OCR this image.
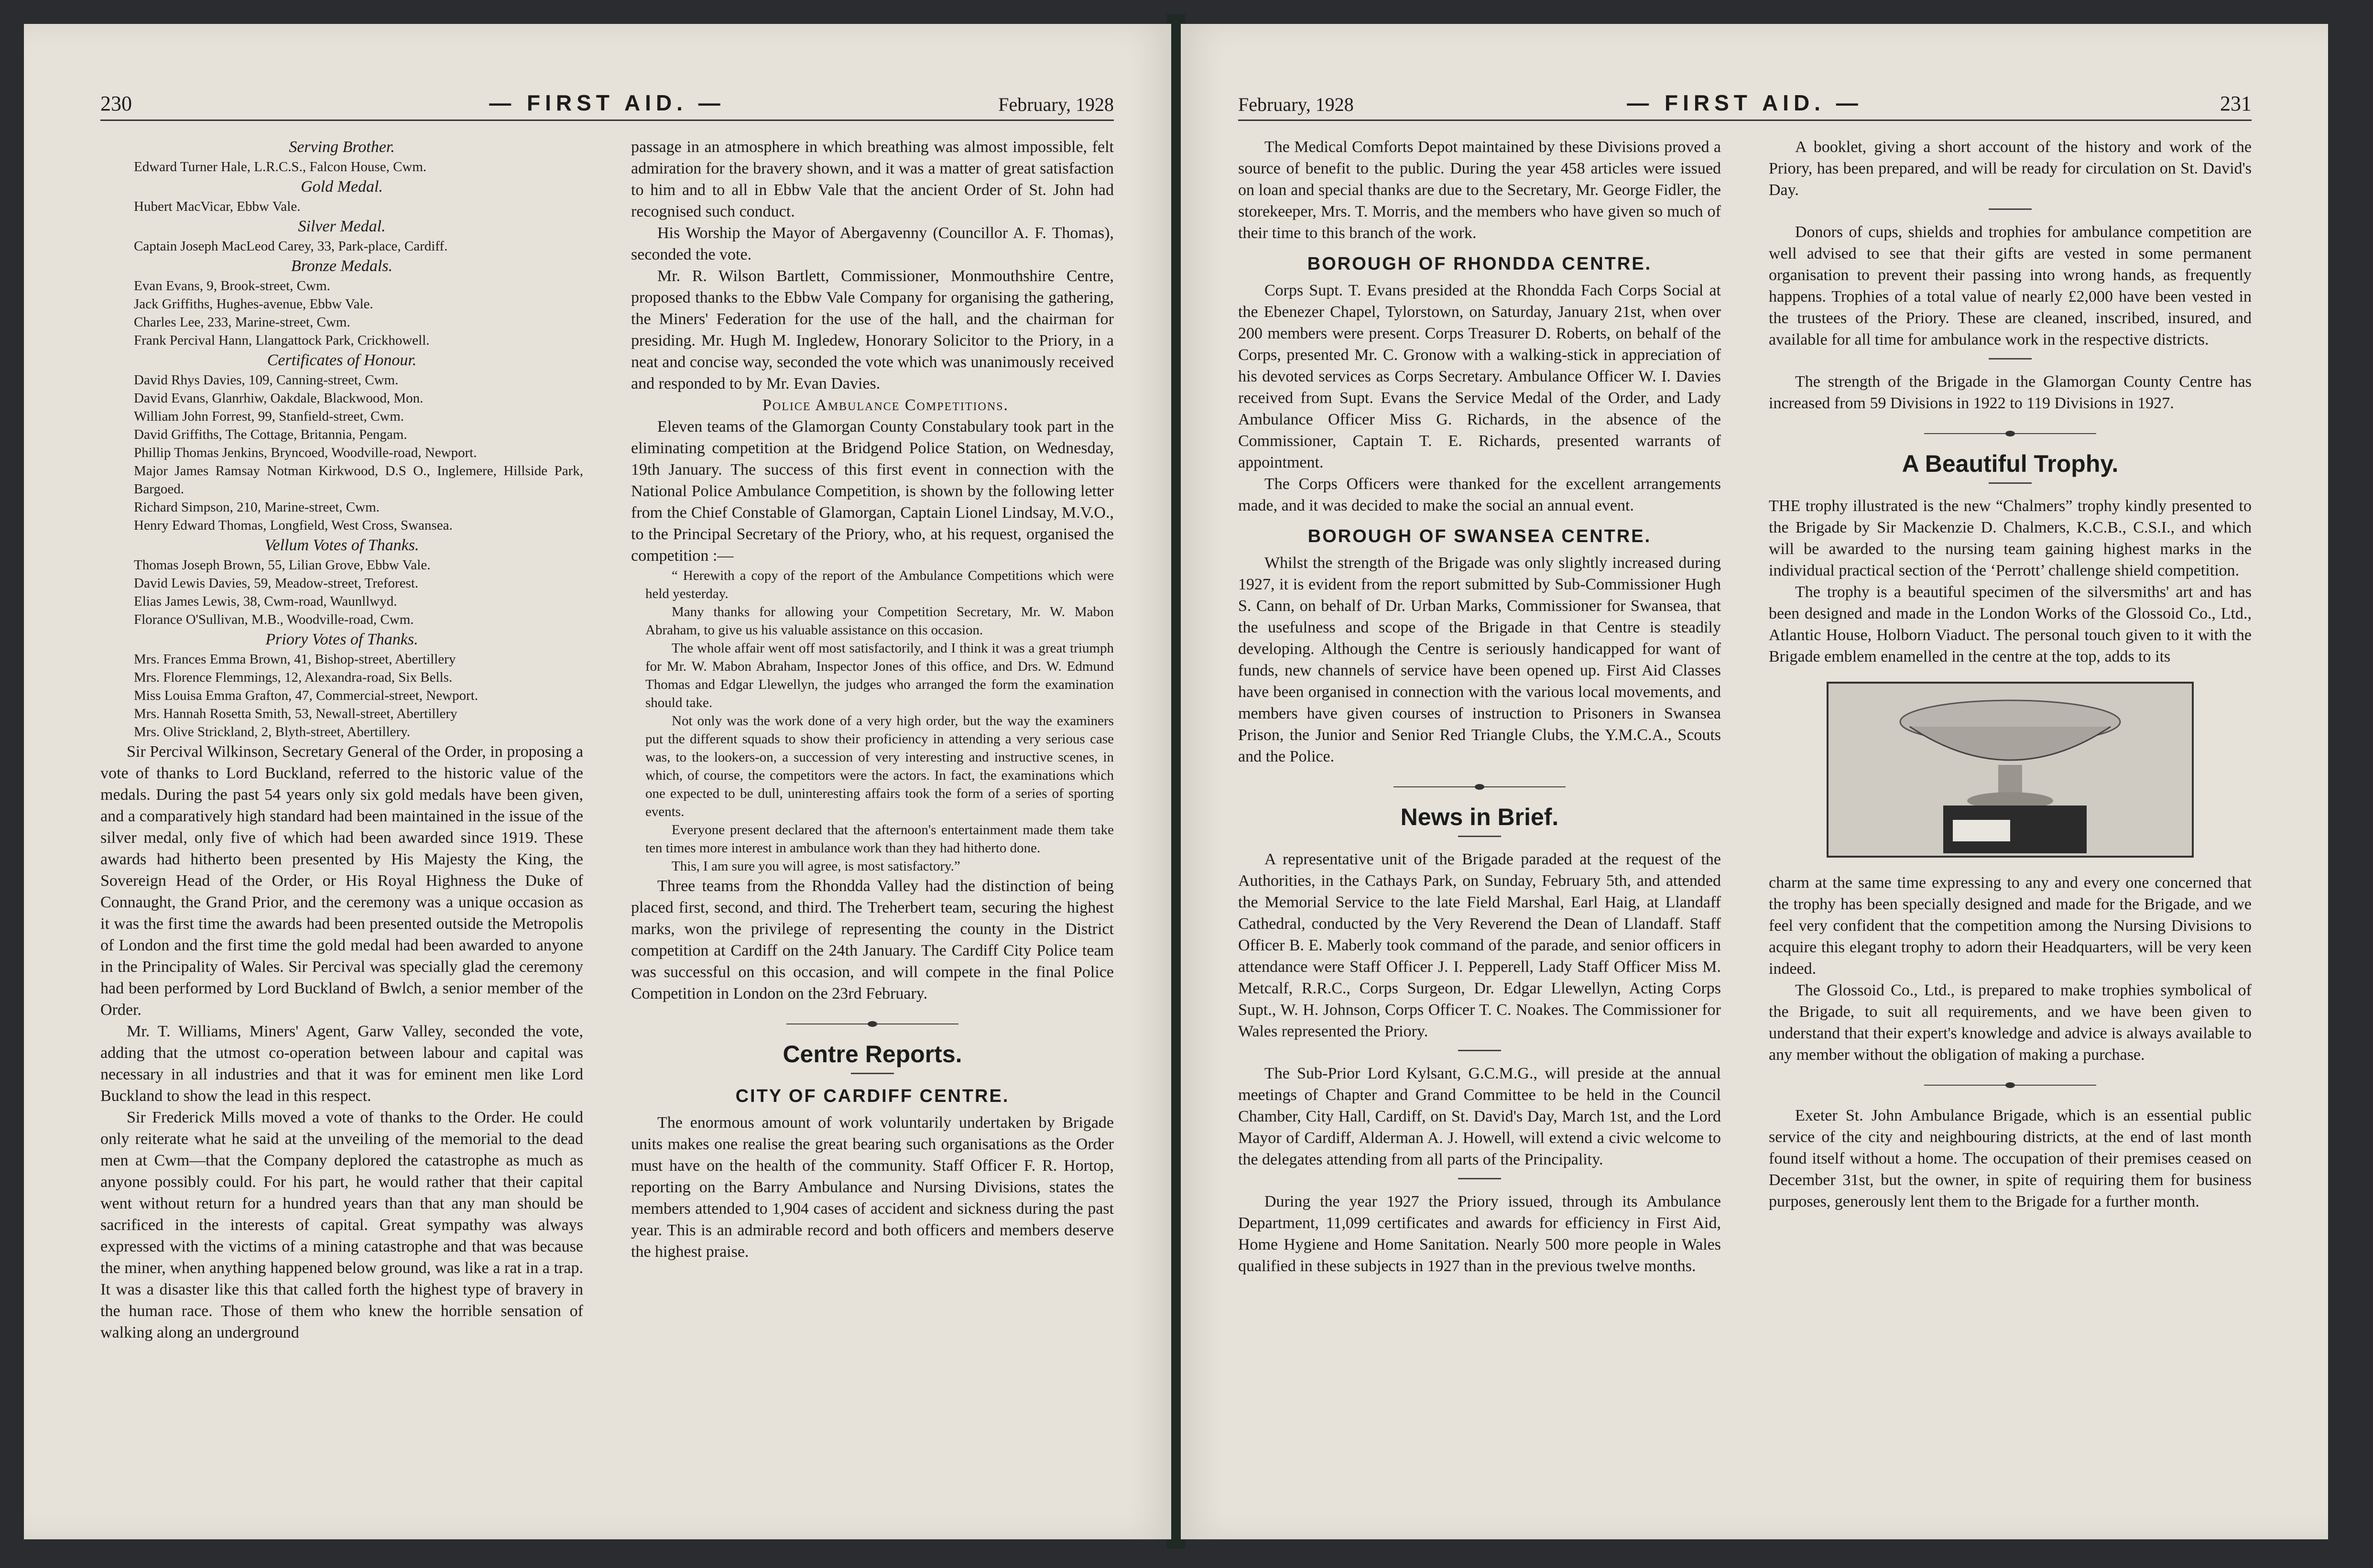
230	— FIRST AID. —	February, 1928

Serving Brother.

Edward Turner Hale, L.R.C.S., Falcon House, Cwm.

Gold Medal.

Hubert MacVicar, Ebbw Vale.

Silver Medal.

Captain Joseph MacLeod Carey, 33, Park-place, Cardiff.

Bronze Medals.

Evan Evans, 9, Brook-street, Cwm.

Jack Griffiths, Hughes-avenue, Ebbw Vale.

Charles Lee, 233, Marine-street, Cwm.

Frank Percival Hann, Llangattock Park, Crickhowell.

Certificates of Honour.

David Rhys Davies, 109, Canning-street, Cwm.

David Evans, Glanrhiw, Oakdale, Blackwood, Mon.

William John Forrest, 99, Stanfield-street, Cwm.

David Griffiths, The Cottage, Britannia, Pengam.

Phillip Thomas Jenkins, Bryncoed, Woodville-road, Newport.

Major James Ramsay Notman Kirkwood, D.S O., Inglemere, Hillside Park, Bargoed.

Richard Simpson, 210, Marine-street, Cwm.

Henry Edward Thomas, Longfield, West Cross, Swansea.

Vellum Votes of Thanks.

Thomas Joseph Brown, 55, Lilian Grove, Ebbw Vale.

David Lewis Davies, 59, Meadow-street, Treforest.

Elias James Lewis, 38, Cwm-road, Waunllwyd.

Florance O'Sullivan, M.B., Woodville-road, Cwm.

Priory Votes of Thanks.

Mrs. Frances Emma Brown, 41, Bishop-street, Abertillery

Mrs. Florence Flemmings, 12, Alexandra-road, Six Bells.

Miss Louisa Emma Grafton, 47, Commercial-street, Newport.

Mrs. Hannah Rosetta Smith, 53, Newall-street, Abertillery

Mrs. Olive Strickland, 2, Blyth-street, Abertillery.

Sir Percival Wilkinson, Secretary General of the Order, in proposing a vote of thanks to Lord Buckland, referred to the historic value of the medals. During the past 54 years only six gold medals have been given, and a comparatively high standard had been maintained in the issue of the silver medal, only five of which had been awarded since 1919. These awards had hitherto been presented by His Majesty the King, the Sovereign Head of the Order, or His Royal Highness the Duke of Connaught, the Grand Prior, and the ceremony was a unique occasion as it was the first time the awards had been presented outside the Metropolis of London and the first time the gold medal had been awarded to anyone in the Principality of Wales. Sir Percival was specially glad the ceremony had been performed by Lord Buckland of Bwlch, a senior member of the Order.

Mr. T. Williams, Miners' Agent, Garw Valley, seconded the vote, adding that the utmost co-operation between labour and capital was necessary in all industries and that it was for eminent men like Lord Buckland to show the lead in this respect.

Sir Frederick Mills moved a vote of thanks to the Order. He could only reiterate what he said at the unveiling of the memorial to the dead men at Cwm—that the Company deplored the catastrophe as much as anyone possibly could. For his part, he would rather that their capital went without return for a hundred years than that any man should be sacrificed in the interests of capital. Great sympathy was always expressed with the victims of a mining catastrophe and that was because the miner, when anything happened below ground, was like a rat in a trap. It was a disaster like this that called forth the highest type of bravery in the human race. Those of them who knew the horrible sensation of walking along an underground

passage in an atmosphere in which breathing was almost impossible, felt admiration for the bravery shown, and it was a matter of great satisfaction to him and to all in Ebbw Vale that the ancient Order of St. John had recognised such conduct.

His Worship the Mayor of Abergavenny (Councillor A. F. Thomas), seconded the vote.

Mr. R. Wilson Bartlett, Commissioner, Monmouthshire Centre, proposed thanks to the Ebbw Vale Company for organising the gathering, the Miners' Federation for the use of the hall, and the chairman for presiding. Mr. Hugh M. Ingledew, Honorary Solicitor to the Priory, in a neat and concise way, seconded the vote which was unanimously received and responded to by Mr. Evan Davies.

Police Ambulance Competitions.

Eleven teams of the Glamorgan County Constabulary took part in the eliminating competition at the Bridgend Police Station, on Wednesday, 19th January. The success of this first event in connection with the National Police Ambulance Competition, is shown by the following letter from the Chief Constable of Glamorgan, Captain Lionel Lindsay, M.V.O., to the Principal Secretary of the Priory, who, at his request, organised the competition :—

“ Herewith a copy of the report of the Ambulance Competitions which were held yesterday.

Many thanks for allowing your Competition Secretary, Mr. W. Mabon Abraham, to give us his valuable assistance on this occasion.

The whole affair went off most satisfactorily, and I think it was a great triumph for Mr. W. Mabon Abraham, Inspector Jones of this office, and Drs. W. Edmund Thomas and Edgar Llewellyn, the judges who arranged the form the examination should take.

Not only was the work done of a very high order, but the way the examiners put the different squads to show their proficiency in attending a very serious case was, to the lookers-on, a succession of very interesting and instructive scenes, in which, of course, the competitors were the actors. In fact, the examinations which one expected to be dull, uninteresting affairs took the form of a series of sporting events.

Everyone present declared that the afternoon's entertainment made them take ten times more interest in ambulance work than they had hitherto done.

This, I am sure you will agree, is most satisfactory.”

Three teams from the Rhondda Valley had the distinction of being placed first, second, and third. The Treherbert team, securing the highest marks, won the privilege of representing the county in the District competition at Cardiff on the 24th January. The Cardiff City Police team was successful on this occasion, and will compete in the final Police Competition in London on the 23rd February.

Centre Reports.
CITY OF CARDIFF CENTRE.

The enormous amount of work voluntarily undertaken by Brigade units makes one realise the great bearing such organisations as the Order must have on the health of the community. Staff Officer F. R. Hortop, reporting on the Barry Ambulance and Nursing Divisions, states the members attended to 1,904 cases of accident and sickness during the past year. This is an admirable record and both officers and members deserve the highest praise.

February, 1928	— FIRST AID. —	231

The Medical Comforts Depot maintained by these Divisions proved a source of benefit to the public. During the year 458 articles were issued on loan and special thanks are due to the Secretary, Mr. George Fidler, the storekeeper, Mrs. T. Morris, and the members who have given so much of their time to this branch of the work.

BOROUGH OF RHONDDA CENTRE.

Corps Supt. T. Evans presided at the Rhondda Fach Corps Social at the Ebenezer Chapel, Tylorstown, on Saturday, January 21st, when over 200 members were present. Corps Treasurer D. Roberts, on behalf of the Corps, presented Mr. C. Gronow with a walking-stick in appreciation of his devoted services as Corps Secretary. Ambulance Officer W. I. Davies received from Supt. Evans the Service Medal of the Order, and Lady Ambulance Officer Miss G. Richards, in the absence of the Commissioner, Captain T. E. Richards, presented warrants of appointment.

The Corps Officers were thanked for the excellent arrangements made, and it was decided to make the social an annual event.

BOROUGH OF SWANSEA CENTRE.

Whilst the strength of the Brigade was only slightly increased during 1927, it is evident from the report submitted by Sub-Commissioner Hugh S. Cann, on behalf of Dr. Urban Marks, Commissioner for Swansea, that the usefulness and scope of the Brigade in that Centre is steadily developing. Although the Centre is seriously handicapped for want of funds, new channels of service have been opened up. First Aid Classes have been organised in connection with the various local movements, and members have given courses of instruction to Prisoners in Swansea Prison, the Junior and Senior Red Triangle Clubs, the Y.M.C.A., Scouts and the Police.

News in Brief.

A representative unit of the Brigade paraded at the request of the Authorities, in the Cathays Park, on Sunday, February 5th, and attended the Memorial Service to the late Field Marshal, Earl Haig, at Llandaff Cathedral, conducted by the Very Reverend the Dean of Llandaff. Staff Officer B. E. Maberly took command of the parade, and senior officers in attendance were Staff Officer J. I. Pepperell, Lady Staff Officer Miss M. Metcalf, R.R.C., Corps Surgeon, Dr. Edgar Llewellyn, Acting Corps Supt., W. H. Johnson, Corps Officer T. C. Noakes. The Commissioner for Wales represented the Priory.

The Sub-Prior Lord Kylsant, G.C.M.G., will preside at the annual meetings of Chapter and Grand Committee to be held in the Council Chamber, City Hall, Cardiff, on St. David's Day, March 1st, and the Lord Mayor of Cardiff, Alderman A. J. Howell, will extend a civic welcome to the delegates attending from all parts of the Principality.

During the year 1927 the Priory issued, through its Ambulance Department, 11,099 certificates and awards for efficiency in First Aid, Home Hygiene and Home Sanitation. Nearly 500 more people in Wales qualified in these subjects in 1927 than in the previous twelve months.

A booklet, giving a short account of the history and work of the Priory, has been prepared, and will be ready for circulation on St. David's Day.

Donors of cups, shields and trophies for ambulance competition are well advised to see that their gifts are vested in some permanent organisation to prevent their passing into wrong hands, as frequently happens. Trophies of a total value of nearly £2,000 have been vested in the trustees of the Priory. These are cleaned, inscribed, insured, and available for all time for ambulance work in the respective districts.

The strength of the Brigade in the Glamorgan County Centre has increased from 59 Divisions in 1922 to 119 Divisions in 1927.

A Beautiful Trophy.

THE trophy illustrated is the new “Chalmers” trophy kindly presented to the Brigade by Sir Mackenzie D. Chalmers, K.C.B., C.S.I., and which will be awarded to the nursing team gaining highest marks in the individual practical section of the ‘Perrott’ challenge shield competition.

The trophy is a beautiful specimen of the silversmiths' art and has been designed and made in the London Works of the Glossoid Co., Ltd., Atlantic House, Holborn Viaduct. The personal touch given to it with the Brigade emblem enamelled in the centre at the top, adds to its

charm at the same time expressing to any and every one concerned that the trophy has been specially designed and made for the Brigade, and we feel very confident that the competition among the Nursing Divisions to acquire this elegant trophy to adorn their Headquarters, will be very keen indeed.

The Glossoid Co., Ltd., is prepared to make trophies symbolical of the Brigade, to suit all requirements, and we have been given to understand that their expert's knowledge and advice is always available to any member without the obligation of making a purchase.

Exeter St. John Ambulance Brigade, which is an essential public service of the city and neighbouring districts, at the end of last month found itself without a home. The occupation of their premises ceased on December 31st, but the owner, in spite of requiring them for business purposes, generously lent them to the Brigade for a further month.
